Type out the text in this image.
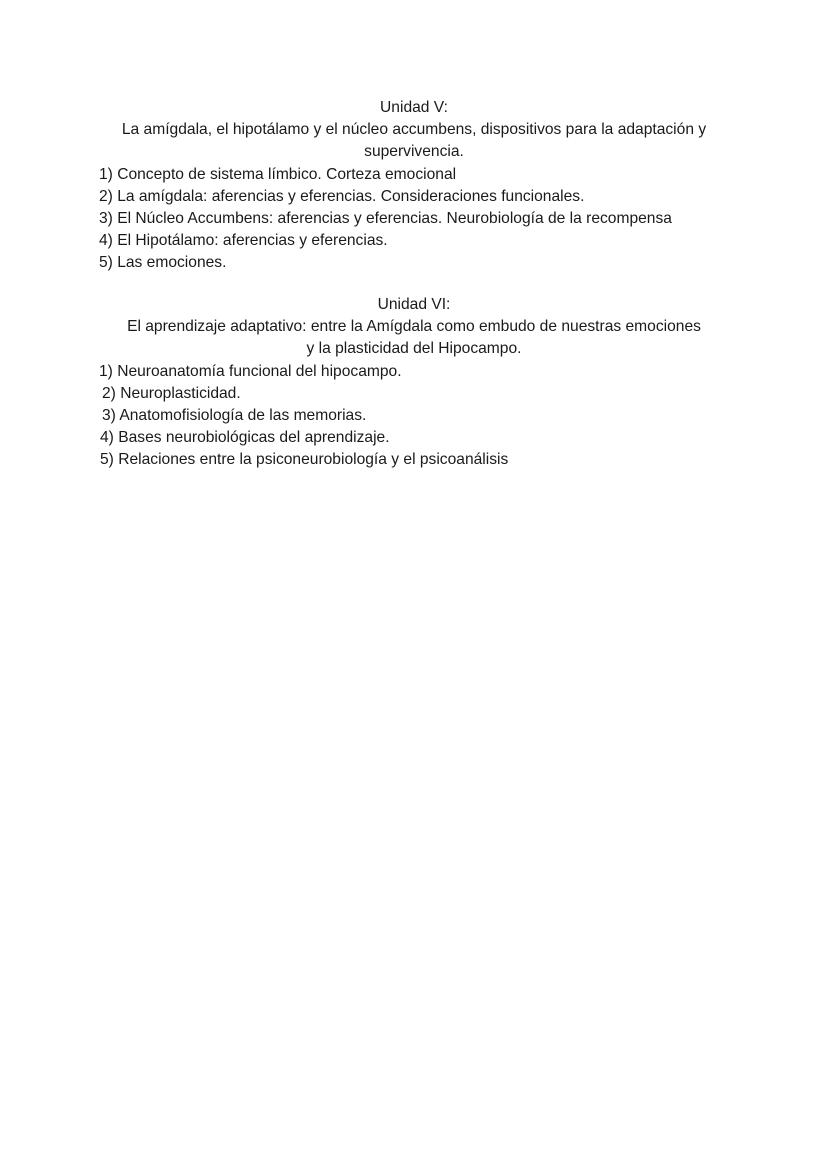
Unidad V:

La amígdala, el hipotálamo y el núcleo accumbens, dispositivos para la adaptación y

supervivencia.

1) Concepto de sistema límbico. Corteza emocional
2) La amígdala: aferencias y eferencias. Consideraciones funcionales.
3) El Núcleo Accumbens: aferencias y eferencias. Neurobiología de la recompensa
4) El Hipotálamo: aferencias y eferencias.
5) Las emociones.

Unidad VI:

El aprendizaje adaptativo: entre la Amígdala como embudo de nuestras emociones

y la plasticidad del Hipocampo.

1) Neuroanatomía funcional del hipocampo.
2) Neuroplasticidad.
3) Anatomofisiología de las memorias.
4) Bases neurobiológicas del aprendizaje.
5) Relaciones entre la psiconeurobiología y el psicoanálisis
